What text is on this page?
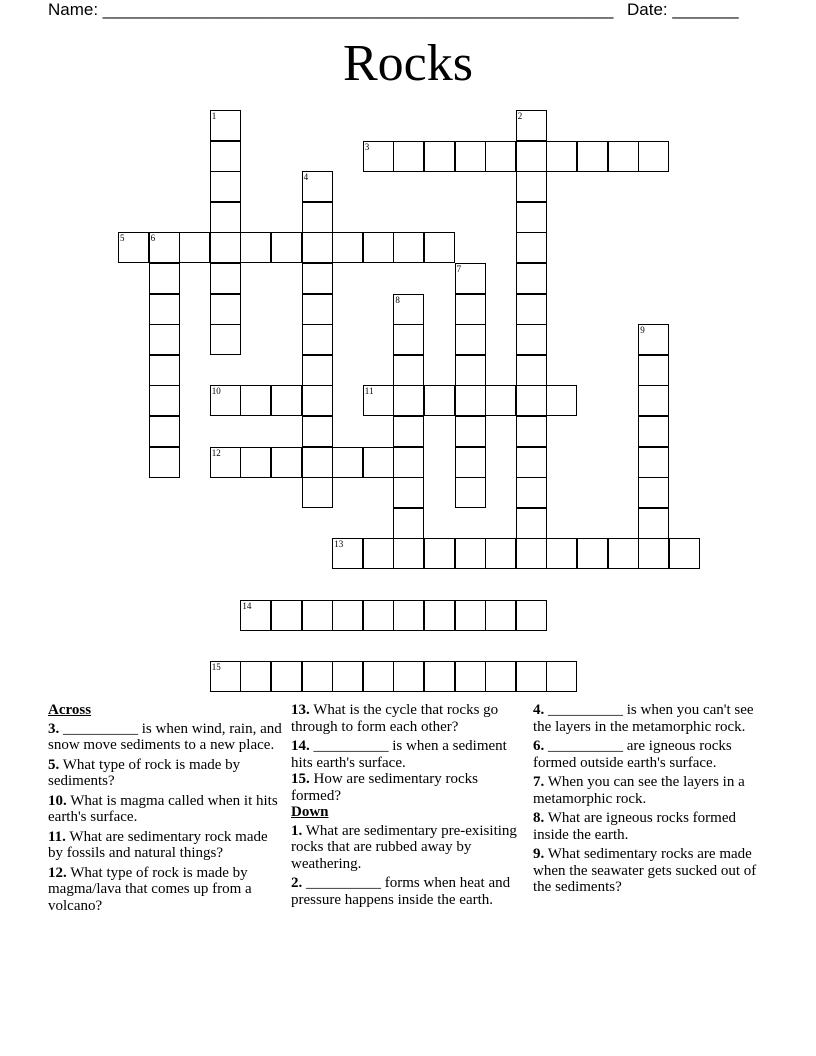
Name: ______________________________________________________ Date: _______
Rocks
1	2
3
4
5	6
7
8
9
10	11
12
13
14
15
Across
3. __________ is when wind, rain, and snow move sediments to a new place.
5. What type of rock is made by sediments?
10. What is magma called when it hits earth's surface.
11. What are sedimentary rock made by fossils and natural things?
12. What type of rock is made by magma/lava that comes up from a volcano?
13. What is the cycle that rocks go through to form each other?
14. __________ is when a sediment hits earth's surface.
15. How are sedimentary rocks formed?
Down
1. What are sedimentary pre-exisiting rocks that are rubbed away by weathering.
2. __________ forms when heat and pressure happens inside the earth.
4. __________ is when you can't see the layers in the metamorphic rock.
6. __________ are igneous rocks formed outside earth's surface.
7. When you can see the layers in a metamorphic rock.
8. What are igneous rocks formed inside the earth.
9. What sedimentary rocks are made when the seawater gets sucked out of the sediments?
